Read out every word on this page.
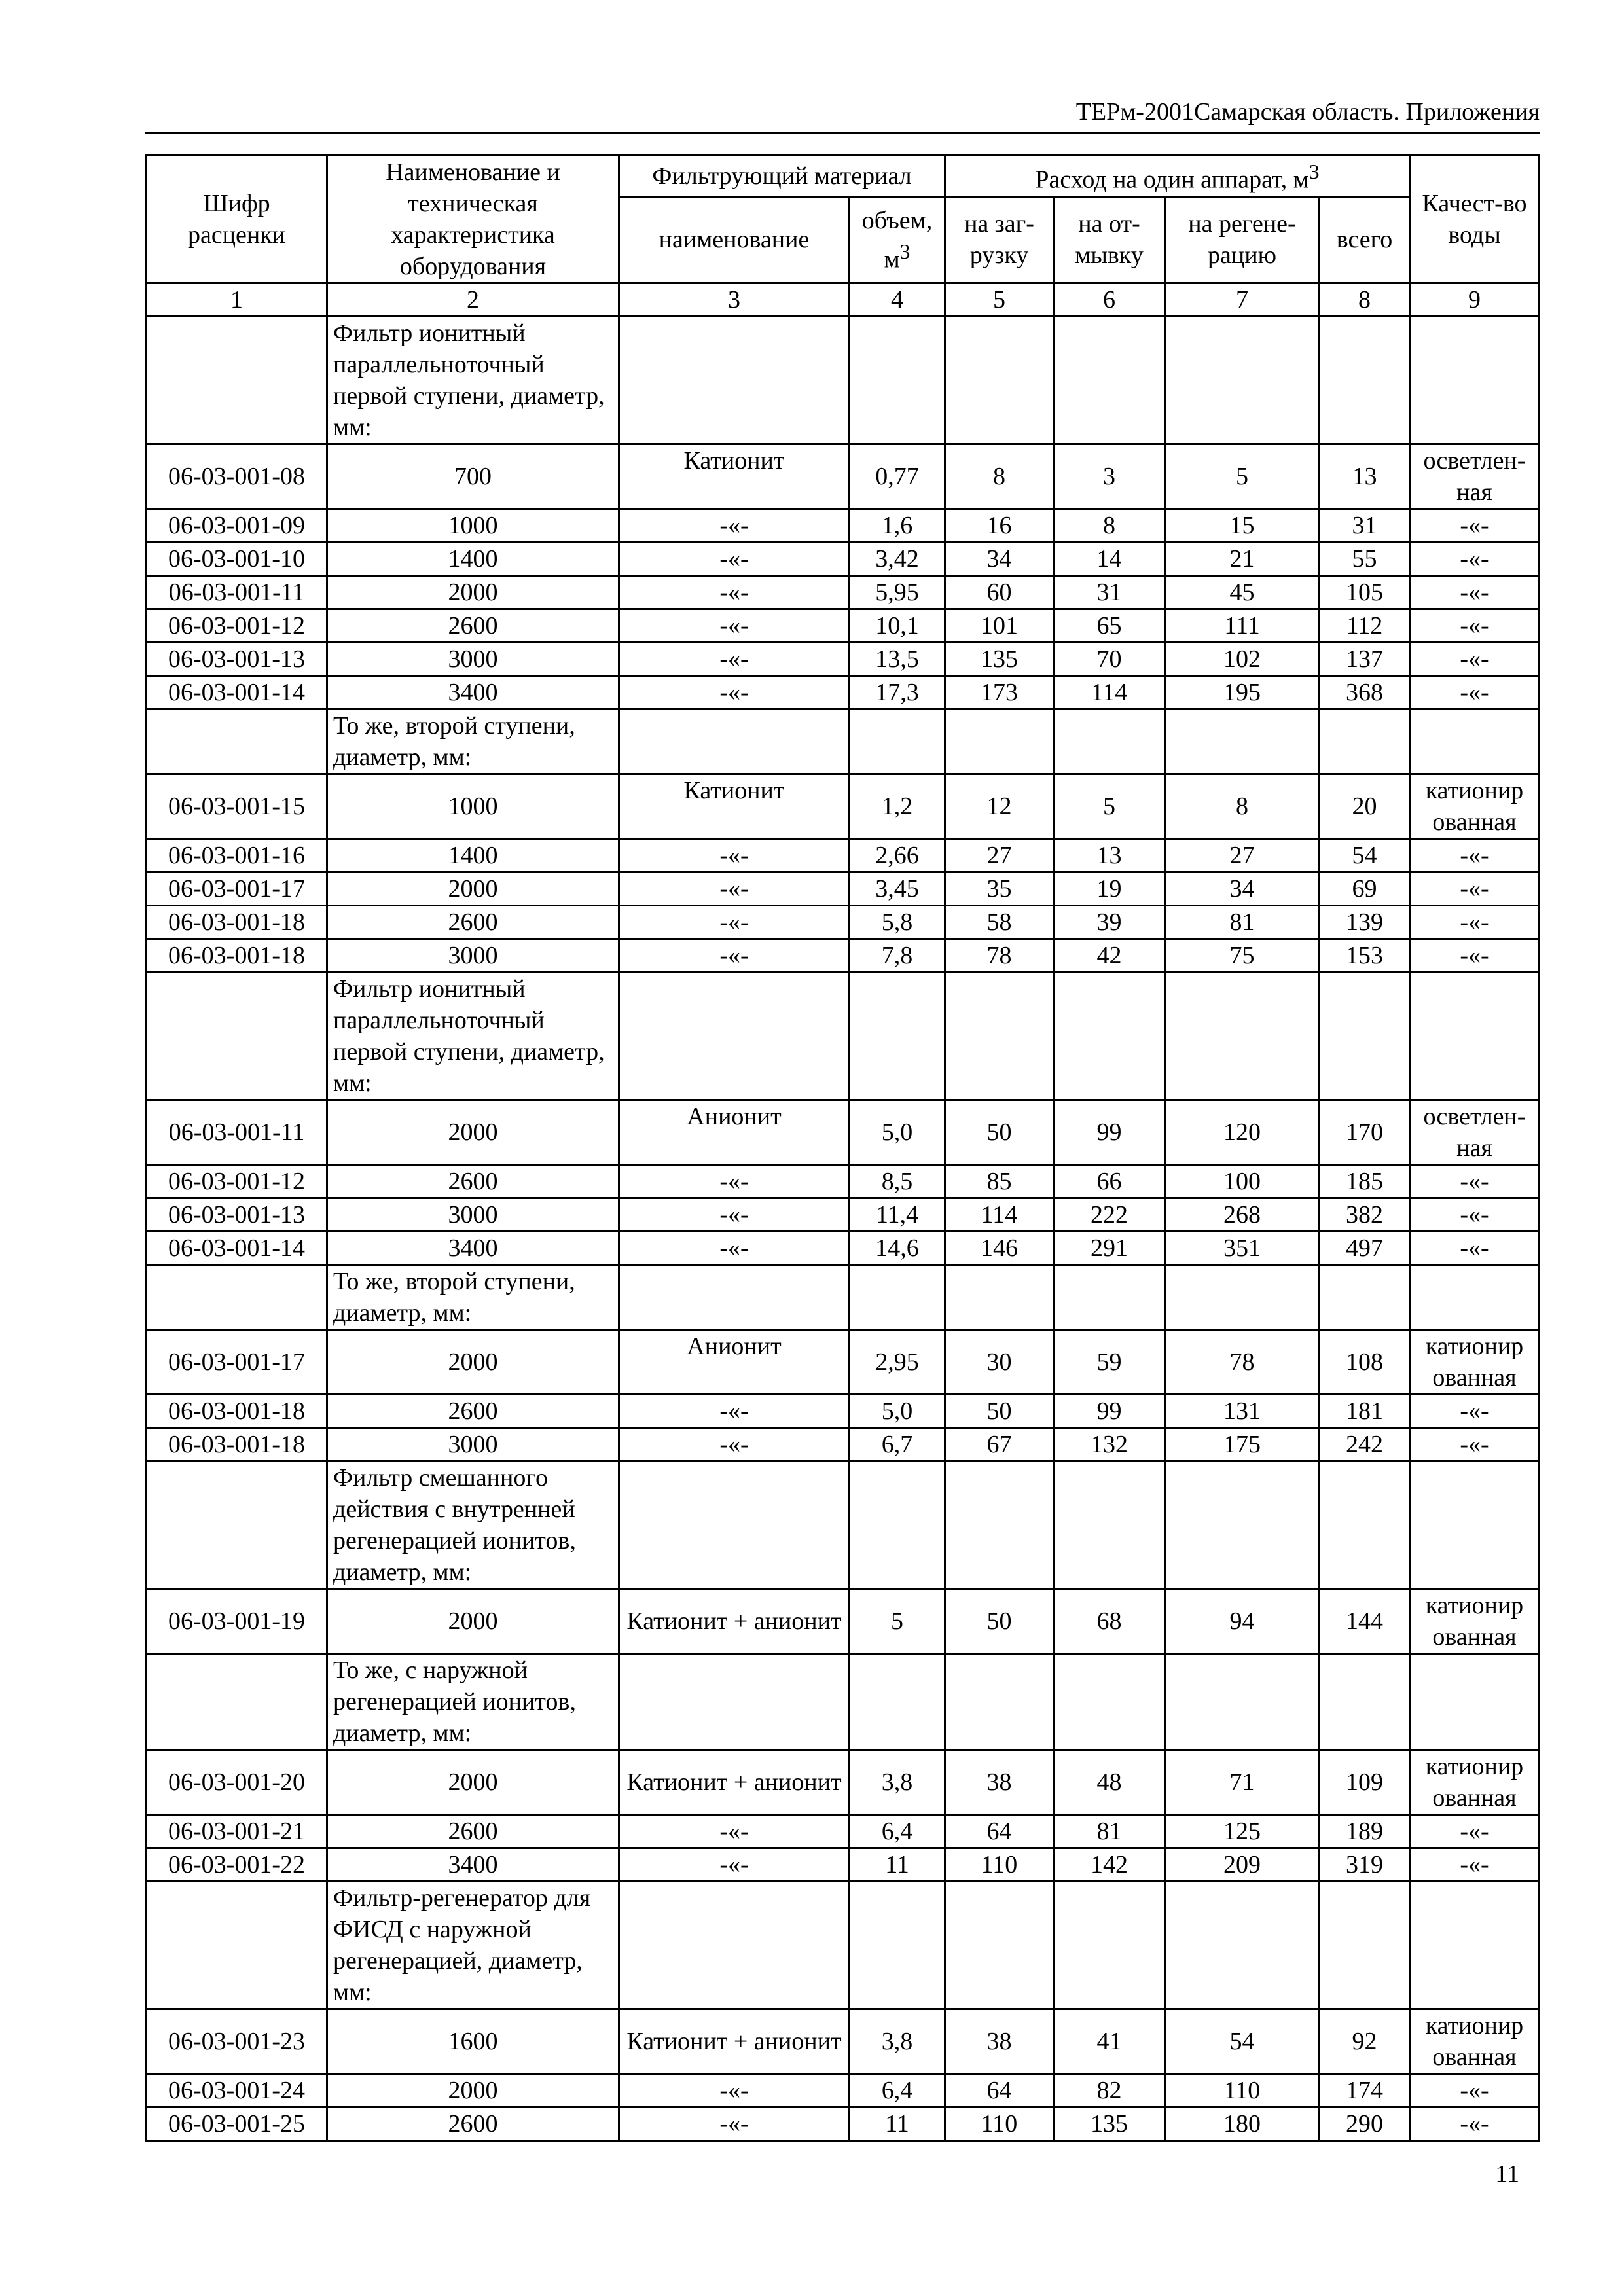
ТЕРм-2001Самарская область. Приложения
Шифр расценки	Наименование и техническая характеристика оборудования	Фильтрующий материал		Расход на один аппарат, $м^3$				Качест-во воды
		наименование	объем, $м^3$	на заг-рузку	на от-мывку	на регене-рацию	всего	
1	2	3	4	5	6	7	8	9
	Фильтр ионитный параллельноточный первой ступени, диаметр, мм:							
06-03-001-08	700	Катионит	0,77	8	3	5	13	осветлен-ная
06-03-001-09	1000	-«-	1,6	16	8	15	31	-«-
06-03-001-10	1400	-«-	3,42	34	14	21	55	-«-
06-03-001-11	2000	-«-	5,95	60	31	45	105	-«-
06-03-001-12	2600	-«-	10,1	101	65	111	112	-«-
06-03-001-13	3000	-«-	13,5	135	70	102	137	-«-
06-03-001-14	3400	-«-	17,3	173	114	195	368	-«-
	То же, второй ступени, диаметр, мм:							
06-03-001-15	1000	Катионит	1,2	12	5	8	20	катионир ованная
06-03-001-16	1400	-«-	2,66	27	13	27	54	-«-
06-03-001-17	2000	-«-	3,45	35	19	34	69	-«-
06-03-001-18	2600	-«-	5,8	58	39	81	139	-«-
06-03-001-18	3000	-«-	7,8	78	42	75	153	-«-
	Фильтр ионитный параллельноточный первой ступени, диаметр, мм:							
06-03-001-11	2000	Анионит	5,0	50	99	120	170	осветлен-ная
06-03-001-12	2600	-«-	8,5	85	66	100	185	-«-
06-03-001-13	3000	-«-	11,4	114	222	268	382	-«-
06-03-001-14	3400	-«-	14,6	146	291	351	497	-«-
	То же, второй ступени, диаметр, мм:							
06-03-001-17	2000	Анионит	2,95	30	59	78	108	катионир ованная
06-03-001-18	2600	-«-	5,0	50	99	131	181	-«-
06-03-001-18	3000	-«-	6,7	67	132	175	242	-«-
	Фильтр смешанного действия с внутренней регенерацией ионитов, диаметр, мм:							
06-03-001-19	2000	Катионит + анионит	5	50	68	94	144	катионир ованная
	То же, с наружной регенерацией ионитов, диаметр, мм:							
06-03-001-20	2000	Катионит + анионит	3,8	38	48	71	109	катионир ованная
06-03-001-21	2600	-«-	6,4	64	81	125	189	-«-
06-03-001-22	3400	-«-	11	110	142	209	319	-«-
	Фильтр-регенератор для ФИСД с наружной регенерацией, диаметр, мм:							
06-03-001-23	1600	Катионит + анионит	3,8	38	41	54	92	катионир ованная
06-03-001-24	2000	-«-	6,4	64	82	110	174	-«-
06-03-001-25	2600	-«-	11	110	135	180	290	-«-
11
